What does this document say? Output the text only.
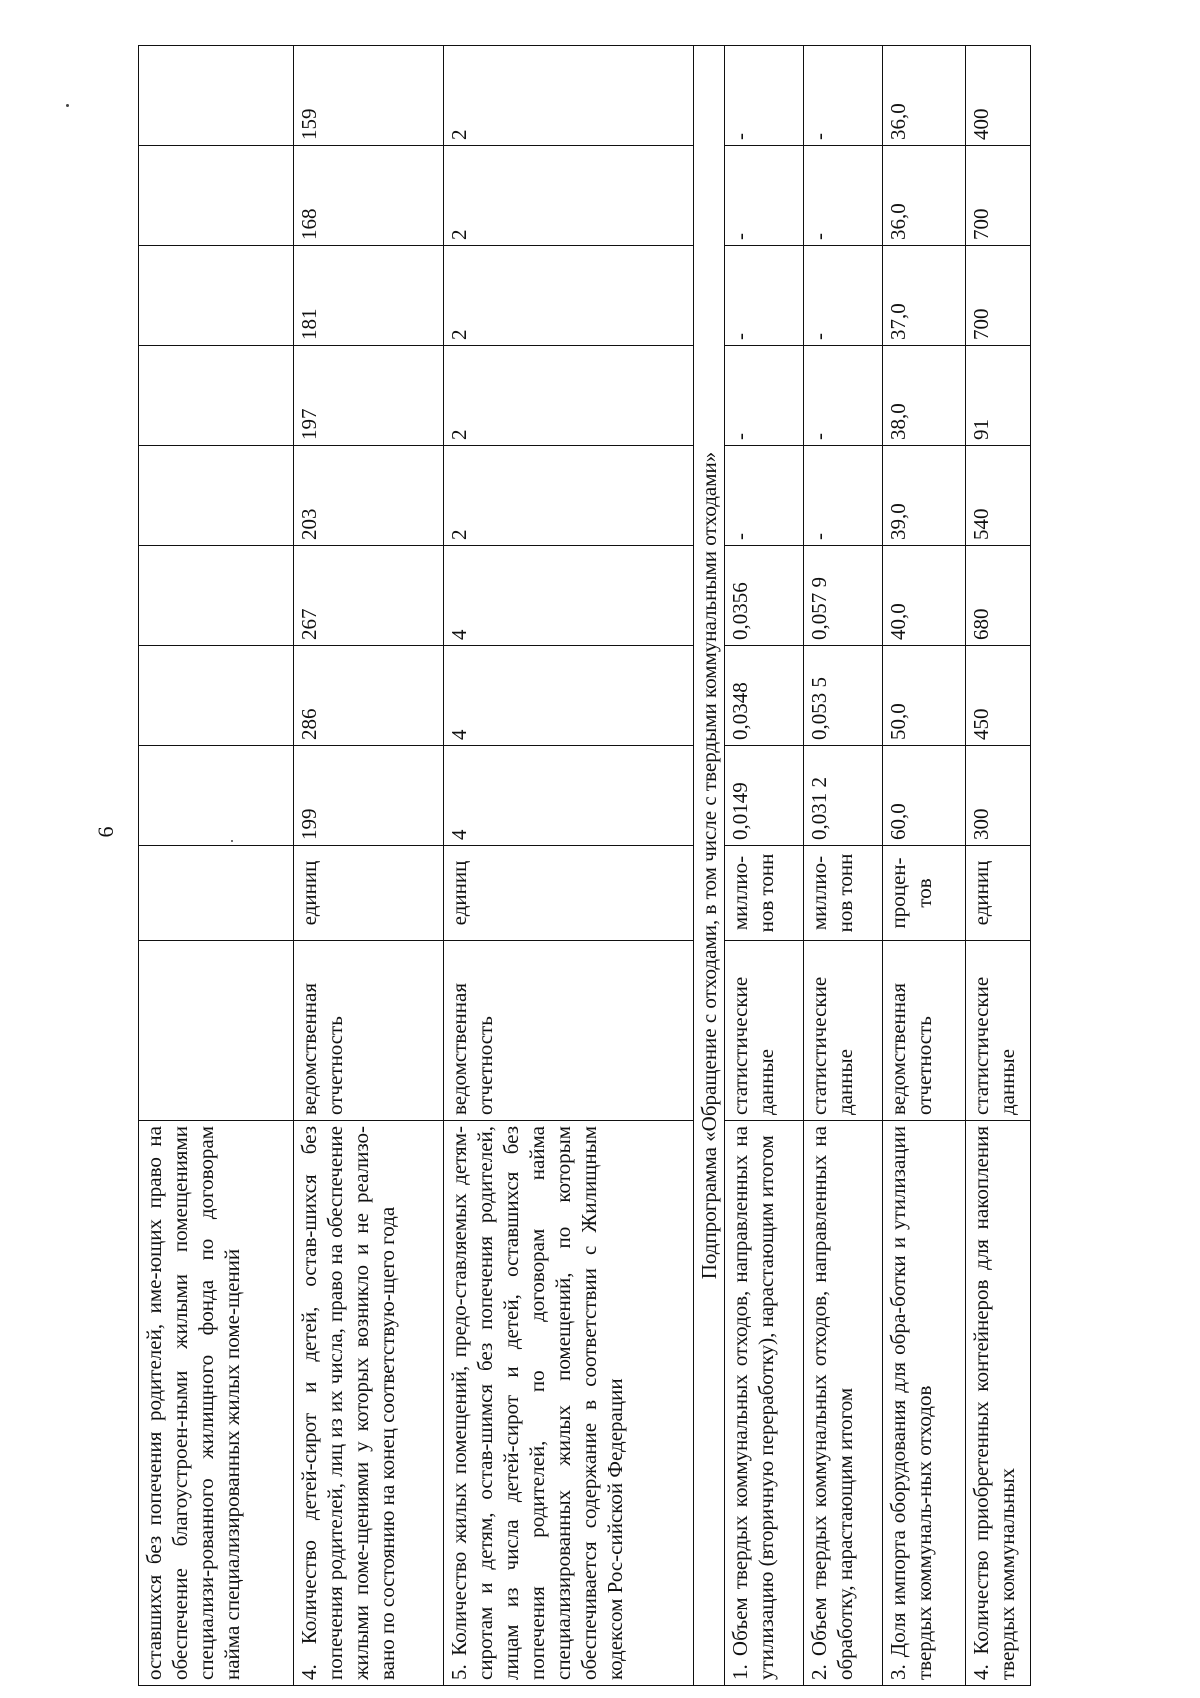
6
оставшихся без попечения родителей, име-ющих право на обеспечение благоустроен-ными жилыми помещениями специализи-рованного жилищного фонда по договорам найма специализированных жилых поме-щений										
4. Количество детей-сирот и детей, остав-шихся без попечения родителей, лиц из их числа, право на обеспечение жилыми поме-щениями у которых возникло и не реализо-вано по состоянию на конец соответствую-щего года	ведомственная отчетность	единиц	199	286	267	203	197	181	168	159
5. Количество жилых помещений, предо-ставляемых детям-сиротам и детям, остав-шимся без попечения родителей, лицам из числа детей-сирот и детей, оставшихся без попечения родителей, по договорам найма специализированных жилых помещений, по которым обеспечивается содержание в соответствии с Жилищным кодексом Рос-сийской Федерации	ведомственная отчетность	единиц	4	4	4	2	2	2	2	2
Подпрограмма «Обращение с отходами, в том числе с твердыми коммунальными отходами»										
1. Объем твердых коммунальных отходов, направленных на утилизацию (вторичную переработку), нарастающим итогом	статистические данные	миллио-нов тонн	0,0149	0,0348	0,0356	-	-	-	-	-
2. Объем твердых коммунальных отходов, направленных на обработку, нарастающим итогом	статистические данные	миллио-нов тонн	0,031 2	0,053 5	0,057 9	-	-	-	-	-
3. Доля импорта оборудования для обра-ботки и утилизации твердых коммуналь-ных отходов	ведомственная отчетность	процен-тов	60,0	50,0	40,0	39,0	38,0	37,0	36,0	36,0
4. Количество приобретенных контейнеров для накопления твердых коммунальных	статистические данные	единиц	300	450	680	540	91	700	700	400
